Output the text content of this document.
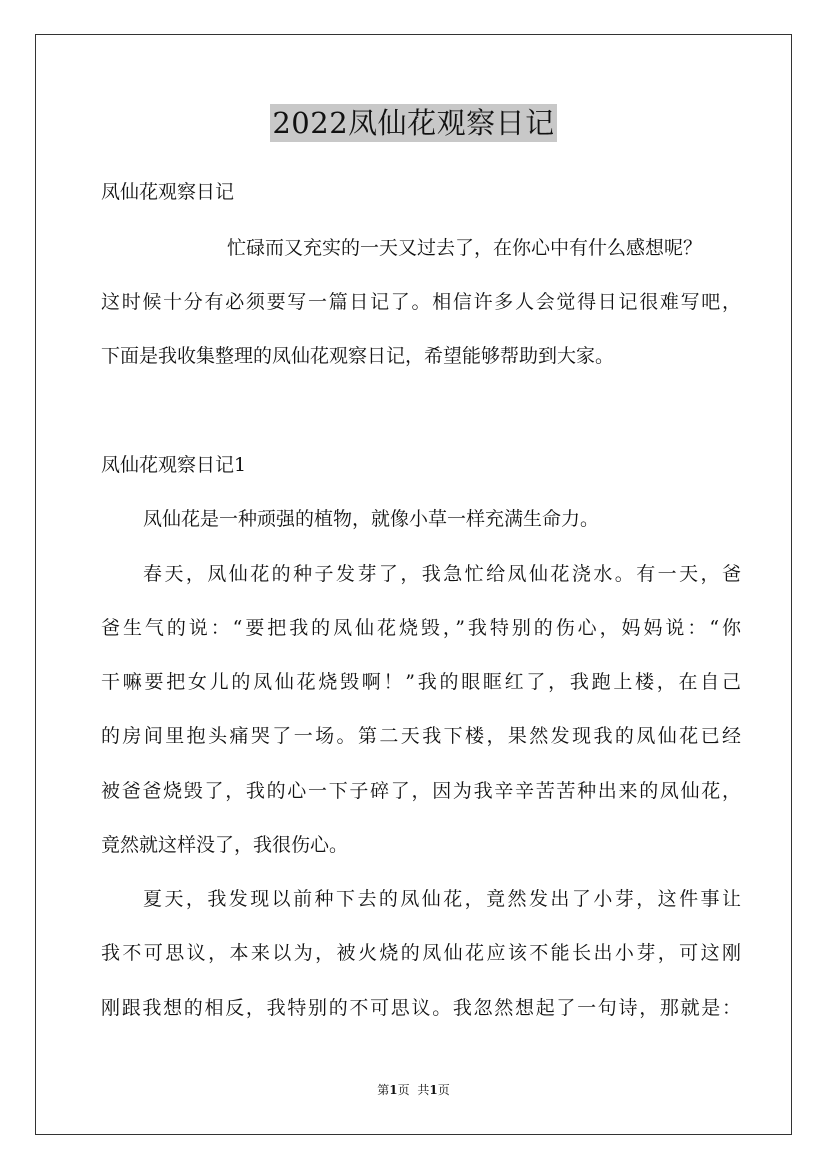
2022凤仙花观察日记
凤仙花观察日记
忙碌而又充实的一天又过去了，在你心中有什么感想呢？
这时候十分有必须要写一篇日记了。相信许多人会觉得日记很难写吧，
下面是我收集整理的凤仙花观察日记，希望能够帮助到大家。
凤仙花观察日记1
凤仙花是一种顽强的植物，就像小草一样充满生命力。
春天，凤仙花的种子发芽了，我急忙给凤仙花浇水。有一天，爸
爸生气的说：“要把我的凤仙花烧毁，”我特别的伤心，妈妈说：“你
干嘛要把女儿的凤仙花烧毁啊！”我的眼眶红了，我跑上楼，在自己
的房间里抱头痛哭了一场。第二天我下楼，果然发现我的凤仙花已经
被爸爸烧毁了，我的心一下子碎了，因为我辛辛苦苦种出来的凤仙花，
竟然就这样没了，我很伤心。
夏天，我发现以前种下去的凤仙花，竟然发出了小芽，这件事让
我不可思议，本来以为，被火烧的凤仙花应该不能长出小芽，可这刚
刚跟我想的相反，我特别的不可思议。我忽然想起了一句诗，那就是：
第1页 共1页
